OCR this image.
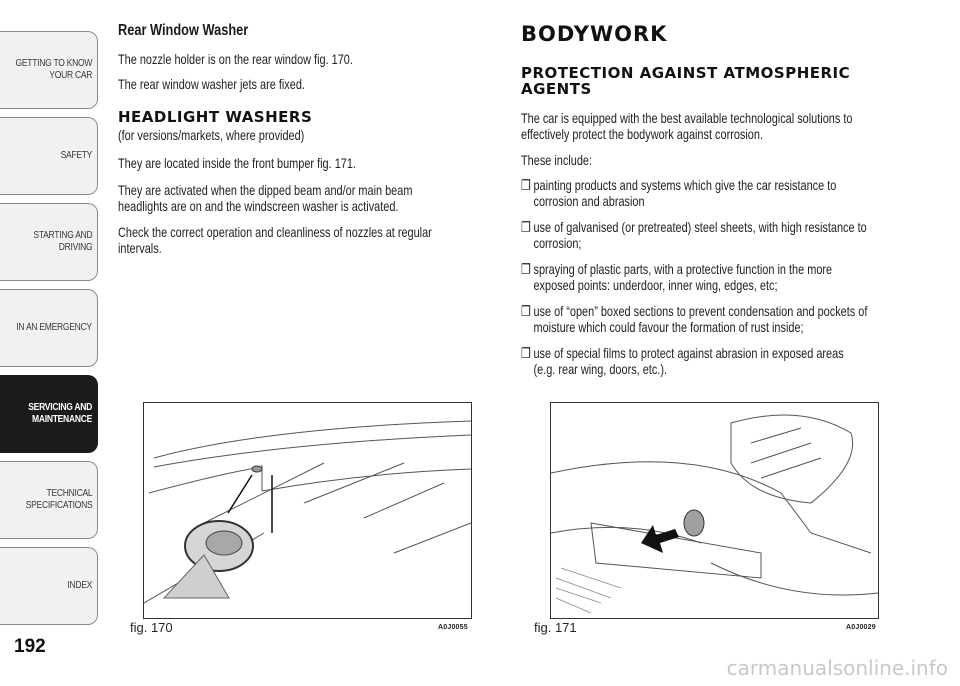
GETTING TO KNOW
YOUR CAR
SAFETY
STARTING AND
DRIVING
IN AN EMERGENCY
SERVICING AND
MAINTENANCE
TECHNICAL
SPECIFICATIONS
INDEX
192
Rear Window Washer
The nozzle holder is on the rear window fig. 170.
The rear window washer jets are fixed.
HEADLIGHT WASHERS
(for versions/markets, where provided)
They are located inside the front bumper fig. 171.
They are activated when the dipped beam and/or main beam
headlights are on and the windscreen washer is activated.
Check the correct operation and cleanliness of nozzles at regular
intervals.
BODYWORK
PROTECTION AGAINST ATMOSPHERIC
AGENTS
The car is equipped with the best available technological solutions to
effectively protect the bodywork against corrosion.
These include:
❒ painting products and systems which give the car resistance to
corrosion and abrasion
❒ use of galvanised (or pretreated) steel sheets, with high resistance to
corrosion;
❒ spraying of plastic parts, with a protective function in the more
exposed points: underdoor, inner wing, edges, etc;
❒ use of “open” boxed sections to prevent condensation and pockets of
moisture which could favour the formation of rust inside;
❒ use of special films to protect against abrasion in exposed areas
(e.g. rear wing, doors, etc.).
fig. 170	A0J0055	fig. 171	A0J0029
carmanualsonline.info
